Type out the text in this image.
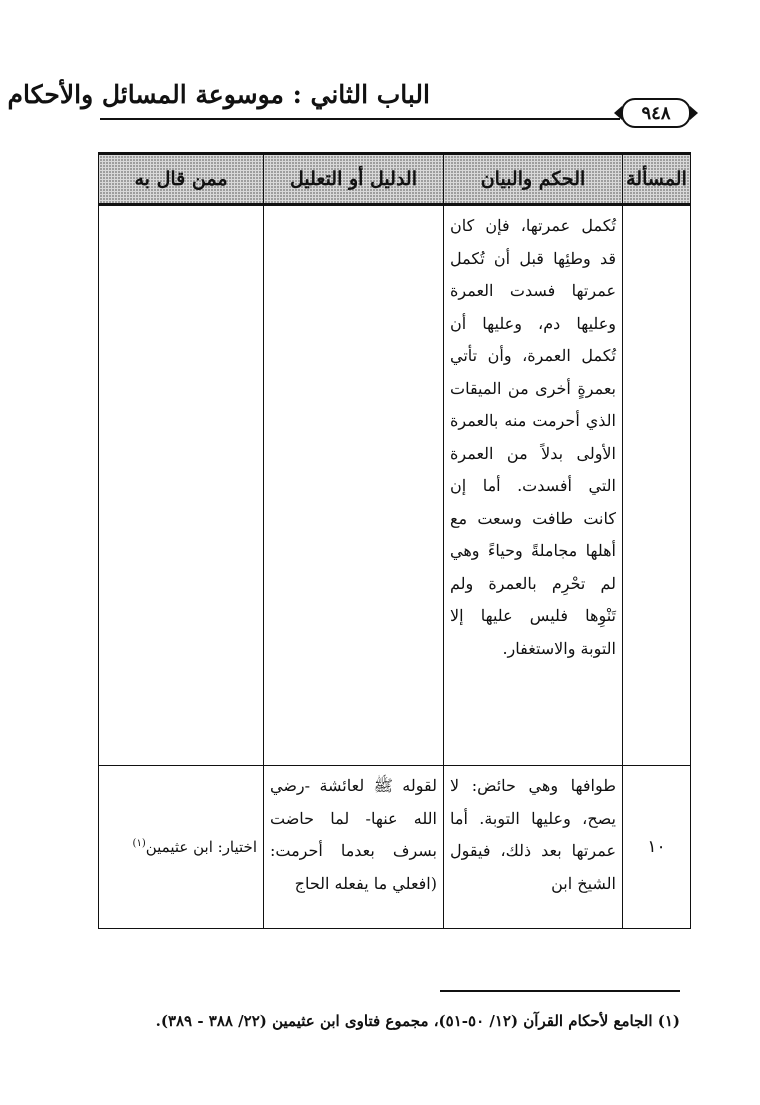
الباب الثاني : موسوعة المسائل والأحكام
٩٤٨
المسألة	الحكم والبيان	الدليل أو التعليل	ممن قال به

	تُكمل عمرتها، فإن كان قد وطئِها قبل أن تُكمل عمرتها فسدت العمرة وعليها دم، وعليها أن تُكمل العمرة، وأن تأتي بعمرةٍ أخرى من الميقات الذي أحرمت منه بالعمرة الأولى بدلاً من العمرة التي أفسدت. أما إن كانت طافت وسعت مع أهلها مجاملةً وحياءً وهي لم تحْرِم بالعمرة ولم تَنْوِها فليس عليها إلا التوبة والاستغفار.		

١٠	طوافها وهي حائض: لا يصح، وعليها التوبة. أما عمرتها بعد ذلك، فيقول الشيخ ابن	لقوله ﷺ لعائشة -رضي الله عنها- لما حاضت بسرف بعدما أحرمت: (افعلي ما يفعله الحاج	اختيار: ابن عثيمين$^{(١)}$
(١) الجامع لأحكام القرآن (١٢/ ٥٠-٥١)، مجموع فتاوى ابن عثيمين (٢٢/ ٣٨٨ - ٣٨٩).
